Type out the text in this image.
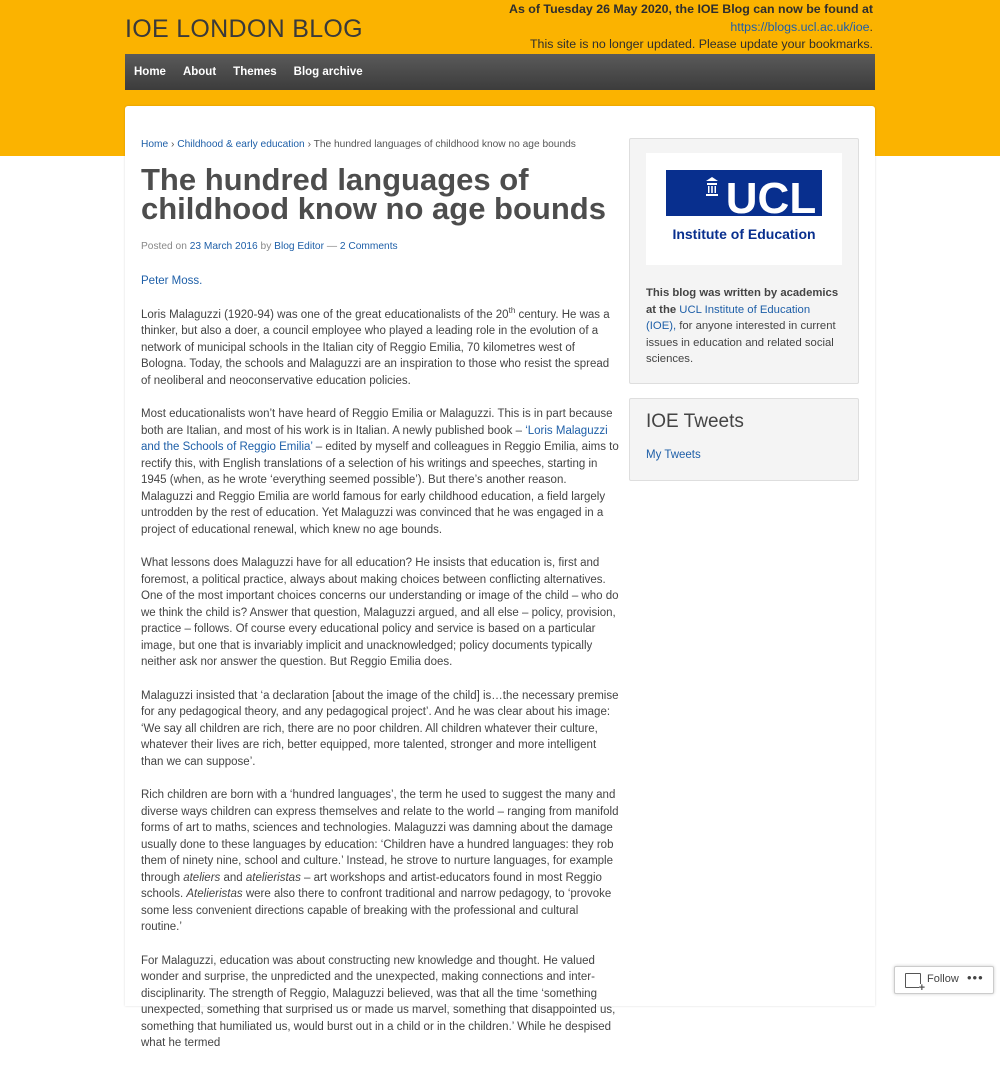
IOE LONDON BLOG
As of Tuesday 26 May 2020, the IOE Blog can now be found at
https://blogs.ucl.ac.uk/ioe.
This site is no longer updated. Please update your bookmarks.
Home	About	Themes	Blog archive
Home › Childhood & early education › The hundred languages of childhood know no age bounds
The hundred languages of childhood know no age bounds
Posted on 23 March 2016 by Blog Editor — 2 Comments

Peter Moss.

Loris Malaguzzi (1920-94) was one of the great educationalists of the 20th century. He was a thinker, but also a doer, a council employee who played a leading role in the evolution of a network of municipal schools in the Italian city of Reggio Emilia, 70 kilometres west of Bologna. Today, the schools and Malaguzzi are an inspiration to those who resist the spread of neoliberal and neoconservative education policies.

Most educationalists won’t have heard of Reggio Emilia or Malaguzzi. This is in part because both are Italian, and most of his work is in Italian. A newly published book – ‘Loris Malaguzzi and the Schools of Reggio Emilia’ – edited by myself and colleagues in Reggio Emilia, aims to rectify this, with English translations of a selection of his writings and speeches, starting in 1945 (when, as he wrote ‘everything seemed possible’). But there’s another reason. Malaguzzi and Reggio Emilia are world famous for early childhood education, a field largely untrodden by the rest of education. Yet Malaguzzi was convinced that he was engaged in a project of educational renewal, which knew no age bounds.

What lessons does Malaguzzi have for all education? He insists that education is, first and foremost, a political practice, always about making choices between conflicting alternatives. One of the most important choices concerns our understanding or image of the child – who do we think the child is? Answer that question, Malaguzzi argued, and all else – policy, provision, practice – follows. Of course every educational policy and service is based on a particular image, but one that is invariably implicit and unacknowledged; policy documents typically neither ask nor answer the question. But Reggio Emilia does.

Malaguzzi insisted that ‘a declaration [about the image of the child] is…the necessary premise for any pedagogical theory, and any pedagogical project’. And he was clear about his image: ‘We say all children are rich, there are no poor children. All children whatever their culture, whatever their lives are rich, better equipped, more talented, stronger and more intelligent than we can suppose’.

Rich children are born with a ‘hundred languages’, the term he used to suggest the many and diverse ways children can express themselves and relate to the world – ranging from manifold forms of art to maths, sciences and technologies. Malaguzzi was damning about the damage usually done to these languages by education: ‘Children have a hundred languages: they rob them of ninety nine, school and culture.’ Instead, he strove to nurture languages, for example through ateliers and atelieristas – art workshops and artist-educators found in most Reggio schools. Atelieristas were also there to confront traditional and narrow pedagogy, to ‘provoke some less convenient directions capable of breaking with the professional and cultural routine.’

For Malaguzzi, education was about constructing new knowledge and thought. He valued wonder and surprise, the unpredicted and the unexpected, making connections and inter-disciplinarity. The strength of Reggio, Malaguzzi believed, was that all the time ‘something unexpected, something that surprised us or made us marvel, something that disappointed us, something that humiliated us, would burst out in a child or in the children.’ While he despised what he termed

UCL
Institute of Education
This blog was written by academics at the UCL Institute of Education (IOE), for anyone interested in current issues in education and related social sciences.
IOE Tweets
My Tweets
+
Follow •••
